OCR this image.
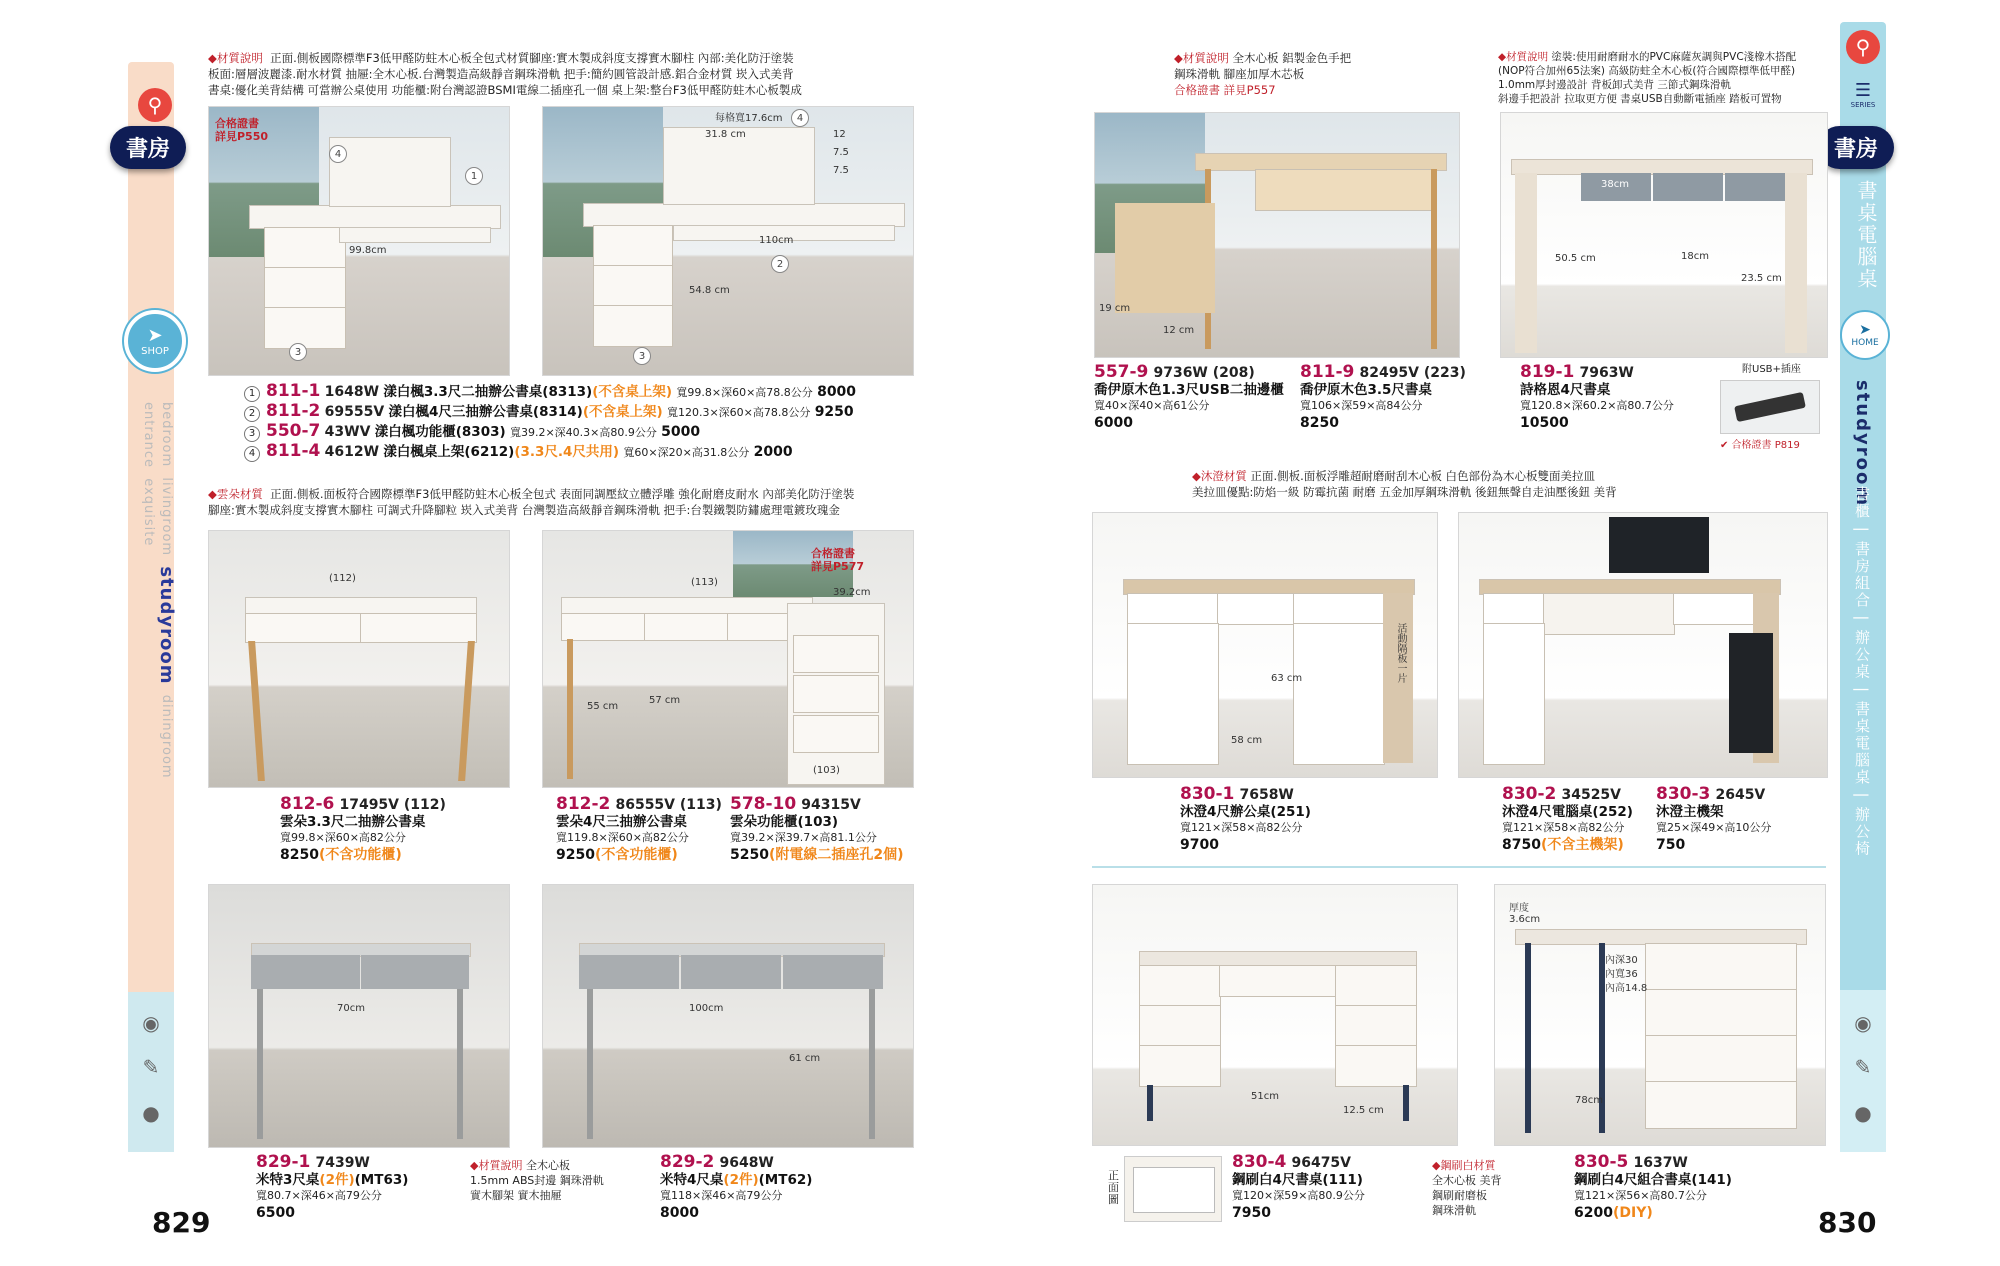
⚲
書房
➤
SHOP
bedroom  livingroom  studyroom  diningroom  entrance  exquisite
◉
✎
●
⚲
☰
SERIES
書房
書桌電腦桌
➤
HOME
studyroom
書櫃 | 書房組合 | 辦公桌 | 書桌電腦桌 | 辦公椅
◉
✎
●
◆材質說明 正面.側板國際標準F3低甲醛防蛀木心板全包式材質腳座:實木製成斜度支撐實木腳柱 內部:美化防汙塗裝
板面:層層波麗漆.耐水材質 抽屜:全木心板.台灣製造高級靜音鋼珠滑軌 把手:簡約圓管設計感.鋁合金材質 崁入式美背
書桌:優化美背結構 可當辦公桌使用 功能櫃:附台灣認證BSMI電線二插座孔一個 桌上架:整台F3低甲醛防蛀木心板製成
4
1
3
合格證書
詳見P550
99.8cm
4
2
3
每格寬17.6cm
31.8 cm	12
7.5
7.5
110cm
54.8 cm
1 811-1 1648W 漾白楓3.3尺二抽辦公書桌(8313)(不含桌上架) 寬99.8×深60×高78.8公分 8000
2 811-2 69555V 漾白楓4尺三抽辦公書桌(8314)(不含桌上架) 寬120.3×深60×高78.8公分 9250
3 550-7 43WV 漾白楓功能櫃(8303) 寬39.2×深40.3×高80.9公分 5000
4 811-4 4612W 漾白楓桌上架(6212)(3.3尺.4尺共用) 寬60×深20×高31.8公分 2000
◆雲朵材質 正面.側板.面板符合國際標準F3低甲醛防蛀木心板全包式 表面同調壓紋立體浮雕 強化耐磨皮耐水 內部美化防汙塗裝
腳座:實木製成斜度支撐實木腳柱 可調式升降腳粒 崁入式美背 台灣製造高級靜音鋼珠滑軌 把手:台製鐵製防鏽處理電鍍玫瑰金
(112)
合格證書
詳見P577
(113)
39.2cm
55 cm
57 cm
(103)
812-6 17495V (112)
雲朵3.3尺二抽辦公書桌
寬99.8×深60×高82公分
8250(不含功能櫃)
812-2 86555V (113)
雲朵4尺三抽辦公書桌
寬119.8×深60×高82公分
9250(不含功能櫃)
578-10 94315V
雲朵功能櫃(103)
寬39.2×深39.7×高81.1公分
5250(附電線二插座孔2個)
70cm	100cm
61 cm
829-1 7439W
米特3尺桌(2件)(MT63)
寬80.7×深46×高79公分
6500
◆材質說明 全木心板
1.5mm ABS封邊 鋼珠滑軌
實木腳架 實木抽屜
829-2 9648W
米特4尺桌(2件)(MT62)
寬118×深46×高79公分
8000
829
◆材質說明 全木心板 鋁製金色手把
鋼珠滑軌 腳座加厚木芯板
合格證書 詳見P557
◆材質說明 塗裝:使用耐磨耐水的PVC麻薩灰調與PVC淺橡木搭配
(NOP符合加州65法案) 高級防蛀全木心板(符合國際標準低甲醛)
1.0mm厚封邊設計 背板卸式美背 三節式鋼珠滑軌
斜邊手把設計 拉取更方便 書桌USB自動斷電插座 踏板可置物
19 cm
12 cm
38cm
50.5 cm	18cm
23.5 cm
557-9 9736W (208)
喬伊原木色1.3尺USB二抽邊櫃
寬40×深40×高61公分
6000
811-9 82495V (223)
喬伊原木色3.5尺書桌
寬106×深59×高84公分
8250
819-1 7963W
詩格恩4尺書桌
寬120.8×深60.2×高80.7公分
10500
附USB+插座
✔ 合格證書 P819
◆沐澄材質 正面.側板.面板浮雕超耐磨耐刮木心板 白色部份為木心板雙面美拉皿
美拉皿優點:防焰一級 防霉抗菌 耐磨 五金加厚鋼珠滑軌 後鈕無聲自走油壓後鈕 美背
63 cm
58 cm
活動隔板一片
830-1 7658W
沐澄4尺辦公桌(251)
寬121×深58×高82公分
9700
830-2 34525V
沐澄4尺電腦桌(252)
寬121×深58×高82公分
8750(不含主機架)
830-3 2645V
沐澄主機架
寬25×深49×高10公分
750
51cm
12.5 cm
厚度 3.6cm
內深30
內寬36
內高14.8
78cm
正面圖
830-4 96475V
鋼刷白4尺書桌(111)
寬120×深59×高80.9公分
7950
◆鋼刷白材質
全木心板 美背
鋼刷耐磨板
鋼珠滑軌
830-5 1637W
鋼刷白4尺組合書桌(141)
寬121×深56×高80.7公分
6200(DIY)	830
